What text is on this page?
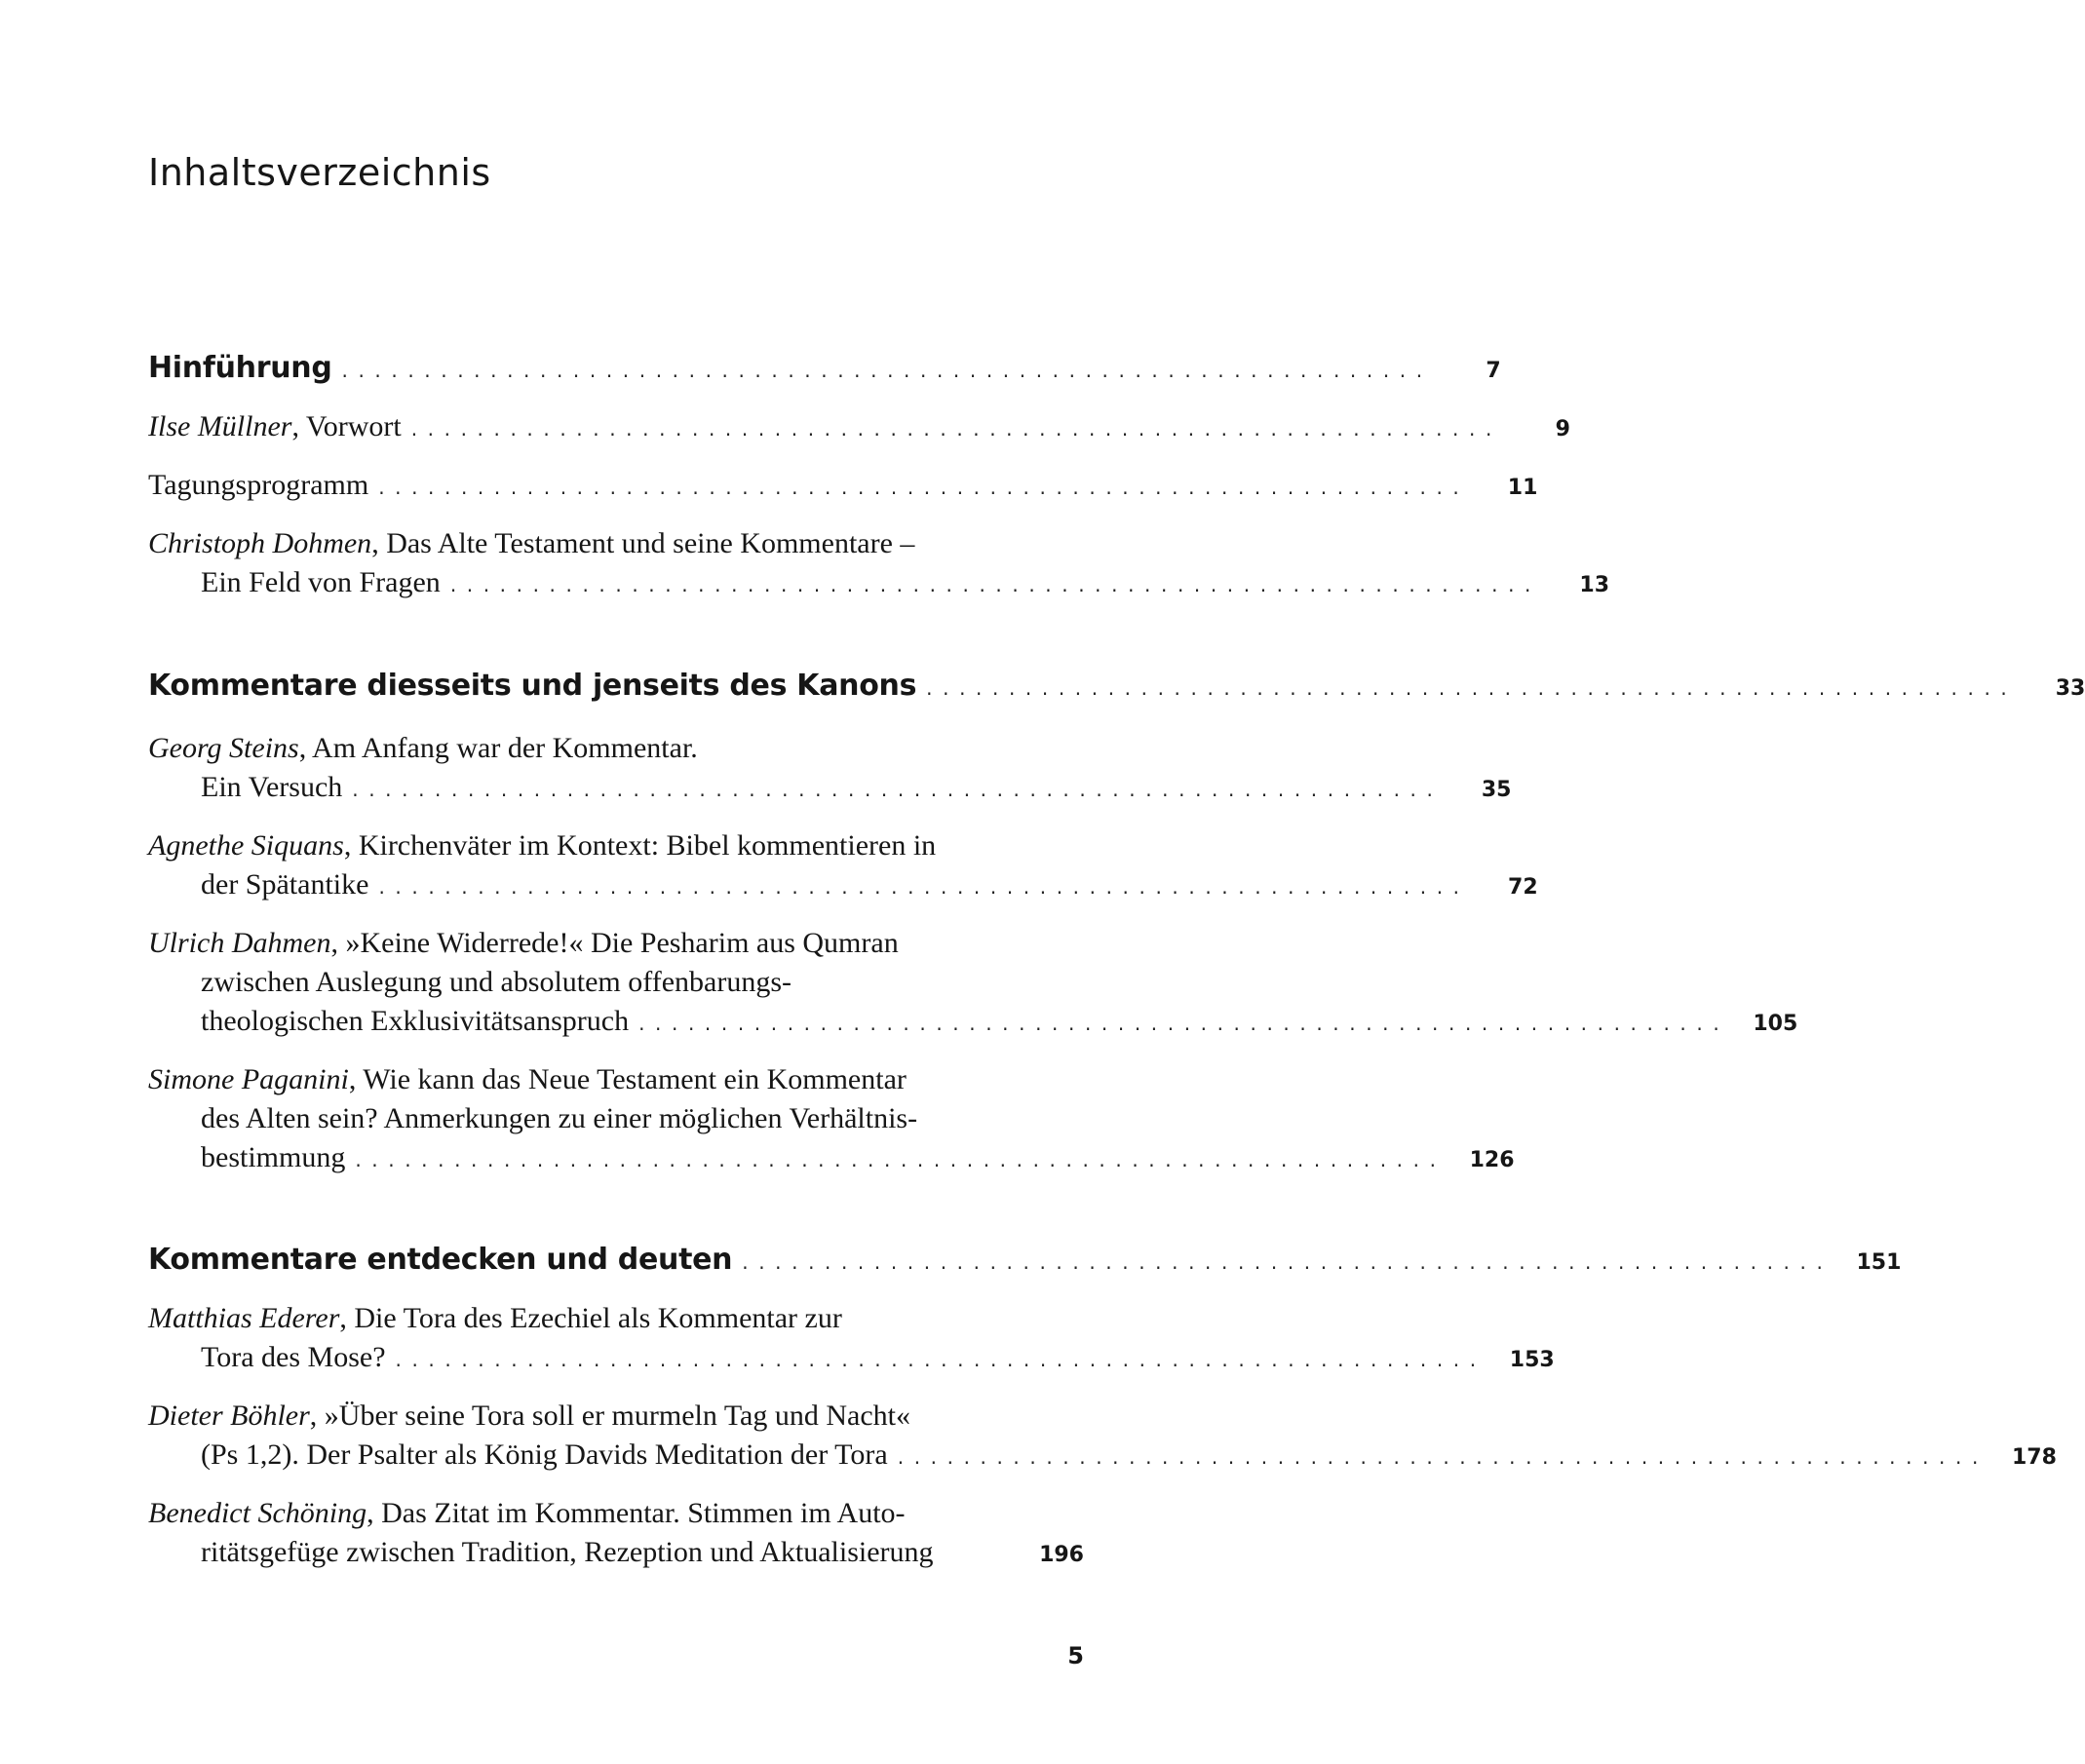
Inhaltsverzeichnis
Hinführung ..................................................................	7
Ilse Müllner, Vorwort ..................................................................	9
Tagungsprogramm ..................................................................	11
Christoph Dohmen, Das Alte Testament und seine Kommentare –
Ein Feld von Fragen ..................................................................	13
Kommentare diesseits und jenseits des Kanons ..................................................................	33
Georg Steins, Am Anfang war der Kommentar.
Ein Versuch ..................................................................	35
Agnethe Siquans, Kirchenväter im Kontext: Bibel kommentieren in
der Spätantike ..................................................................	72
Ulrich Dahmen, »Keine Widerrede!« Die Pesharim aus Qumran
zwischen Auslegung und absolutem offenbarungs-
theologischen Exklusivitätsanspruch ..................................................................	105
Simone Paganini, Wie kann das Neue Testament ein Kommentar
des Alten sein? Anmerkungen zu einer möglichen Verhältnis-
bestimmung ..................................................................	126
Kommentare entdecken und deuten ..................................................................	151
Matthias Ederer, Die Tora des Ezechiel als Kommentar zur
Tora des Mose? ..................................................................	153
Dieter Böhler, »Über seine Tora soll er murmeln Tag und Nacht«
(Ps 1,2). Der Psalter als König Davids Meditation der Tora ..................................................................	178
Benedict Schöning, Das Zitat im Kommentar. Stimmen im Auto-
ritätsgefüge zwischen Tradition, Rezeption und Aktualisierung	196
5
